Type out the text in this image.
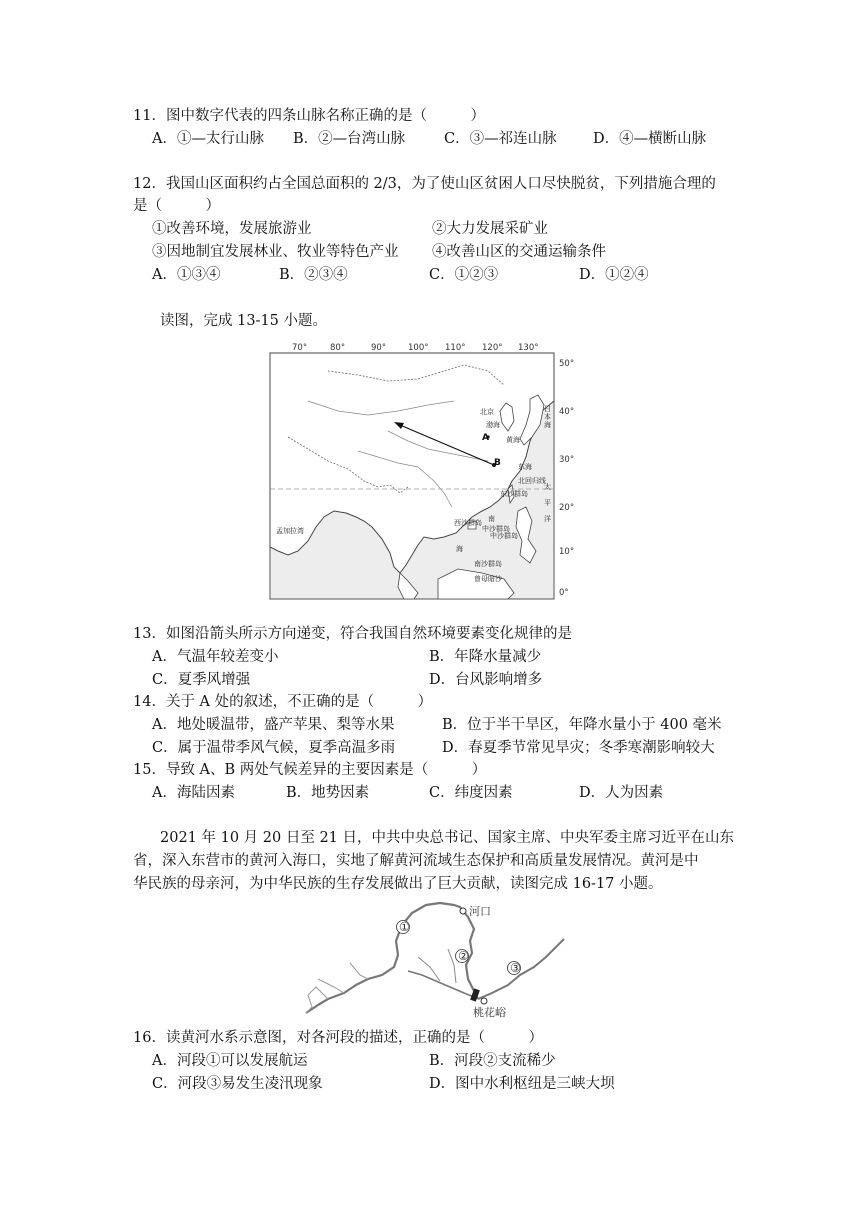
11．图中数字代表的四条山脉名称正确的是（　　　）
A．①—太行山脉 B．②—台湾山脉	C．③—祁连山脉	D．④—横断山脉
12．我国山区面积约占全国总面积的 2/3，为了使山区贫困人口尽快脱贫，下列措施合理的
是（　　　）
①改善环境，发展旅游业	②大力发展采矿业
③因地制宜发展林业、牧业等特色产业 ④改善山区的交通运输条件
A．①③④	B．②③④	C．①②③	D．①②④
读图，完成 13-15 小题。
70°	80°	90°	100° 110° 120° 130°
北京
渤海
黄海
东海
东沙群岛
北回归线
西沙群岛
中沙群岛
中沙群岛
南
海
孟加拉湾
南沙群岛
曾母暗沙
日
本
海
太
平
洋
A
B
50°
40°
30°
20°
10°
0°
13．如图沿箭头所示方向递变，符合我国自然环境要素变化规律的是
A．气温年较差变小	B．年降水量减少
C．夏季风增强	D．台风影响增多
14．关于 A 处的叙述，不正确的是（　　　）
A．地处暖温带，盛产苹果、梨等水果	B．位于半干旱区，年降水量小于 400 毫米
C．属于温带季风气候，夏季高温多雨	D．春夏季节常见旱灾；冬季寒潮影响较大
15．导致 A、B 两处气候差异的主要因素是（　　　）
A．海陆因素	B．地势因素	C．纬度因素	D．人为因素
2021 年 10 月 20 日至 21 日，中共中央总书记、国家主席、中央军委主席习近平在山东
省，深入东营市的黄河入海口，实地了解黄河流域生态保护和高质量发展情况。黄河是中
华民族的母亲河，为中华民族的生存发展做出了巨大贡献，读图完成 16-17 小题。
河口
桃花峪
①
②
③
16．读黄河水系示意图，对各河段的描述，正确的是（　　　）
A．河段①可以发展航运	B．河段②支流稀少
C．河段③易发生凌汛现象	D．图中水利枢纽是三峡大坝
